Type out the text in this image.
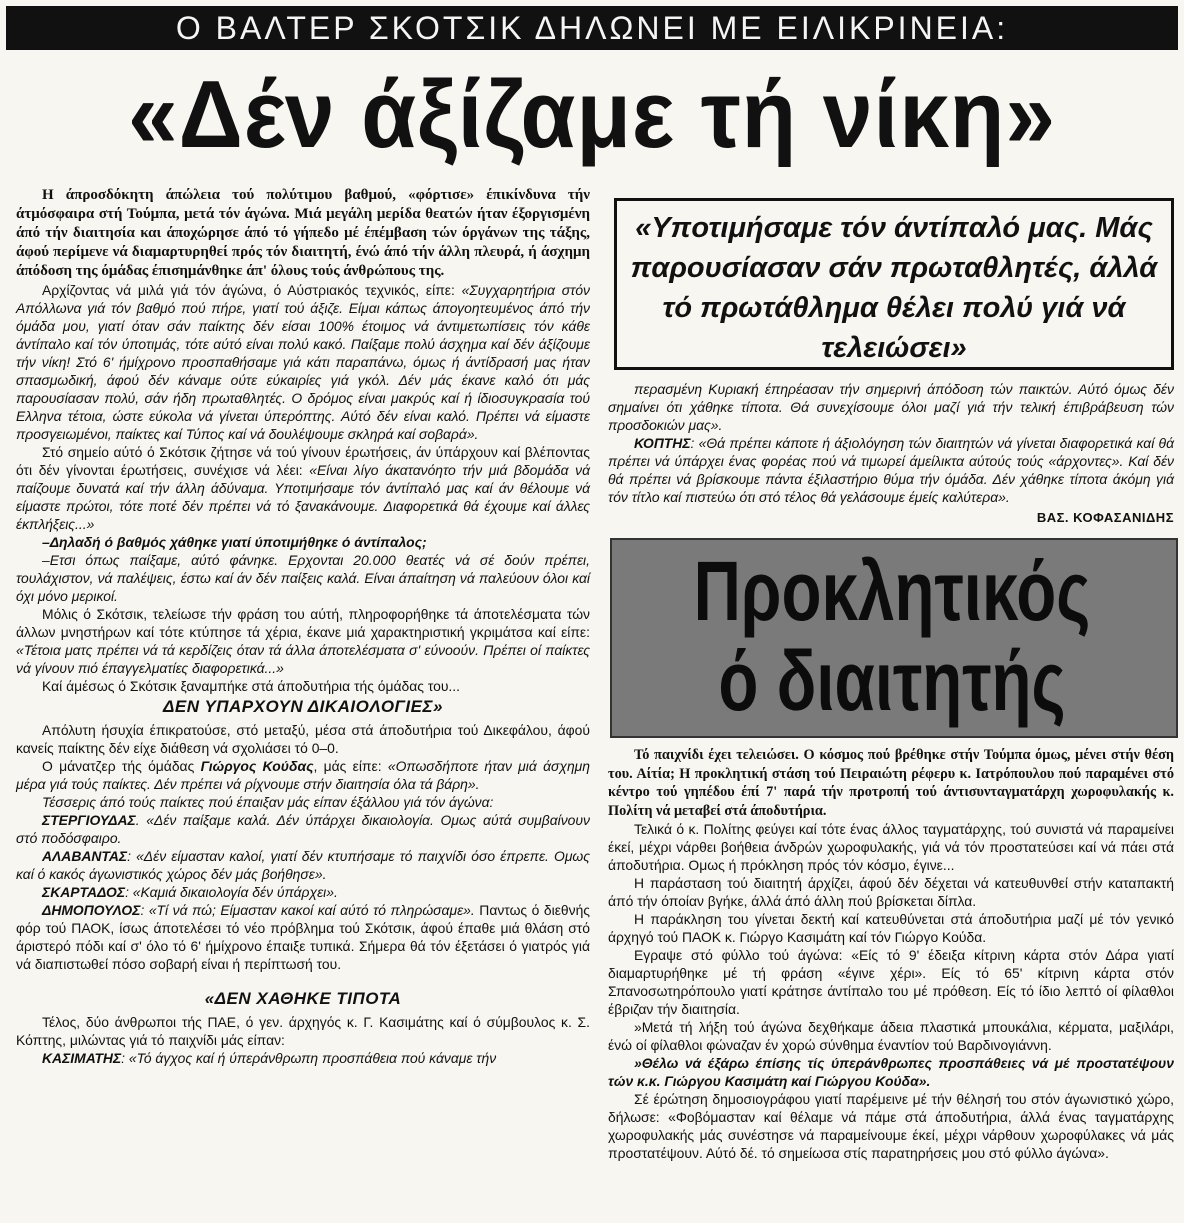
Ο ΒΑΛΤΕΡ ΣΚΟΤΣΙΚ ΔΗΛΩΝΕΙ ΜΕ ΕΙΛΙΚΡΙΝΕΙΑ:
«Δέν άξίζαμε τή νίκη»

Η άπροσδόκητη άπώλεια τού πολύτιμου βαθμού, «φόρτισε» έπικίνδυνα τήν άτμόσφαιρα στή Τούμπα, μετά τόν άγώνα. Μιά μεγάλη μερίδα θεατών ήταν έξοργισμένη άπό τήν διαιτησία και άποχώρησε άπό τό γήπεδο μέ έπέμβαση τών όργάνων της τάξης, άφού περίμενε νά διαμαρτυρηθεί πρός τόν διαιτητή, ένώ άπό τήν άλλη πλευρά, ή άσχημη άπόδοση της όμάδας έπισημάνθηκε άπ' όλους τούς άνθρώπους της.

Αρχίζοντας νά μιλά γιά τόν άγώνα, ό Αύστριακός τεχνικός, είπε: «Συγχαρητήρια στόν Απόλλωνα γιά τόν βαθμό πού πήρε, γιατί τού άξιζε. Είμαι κάπως άπογοητευμένος άπό τήν όμάδα μου, γιατί όταν σάν παίκτης δέν είσαι 100% έτοιμος νά άντιμετωπίσεις τόν κάθε άντίπαλο καί τόν ύποτιμάς, τότε αύτό είναι πολύ κακό. Παίξαμε πολύ άσχημα καί δέν άξίζουμε τήν νίκη! Στό 6' ήμίχρονο προσπαθήσαμε γιά κάτι παραπάνω, όμως ή άντίδρασή μας ήταν σπασμωδική, άφού δέν κάναμε ούτε εύκαιρίες γιά γκόλ. Δέν μάς έκανε καλό ότι μάς παρουσίασαν πολύ, σάν ήδη πρωταθλητές. Ο δρόμος είναι μακρύς καί ή ίδιοσυγκρασία τού Ελληνα τέτοια, ώστε εύκολα νά γίνεται ύπερόπτης. Αύτό δέν είναι καλό. Πρέπει νά είμαστε προσγειωμένοι, παίκτες καί Τύπος καί νά δουλέψουμε σκληρά καί σοβαρά».

Στό σημείο αύτό ό Σκότσικ ζήτησε νά τού γίνουν έρωτήσεις, άν ύπάρχουν καί βλέποντας ότι δέν γίνονται έρωτήσεις, συνέχισε νά λέει: «Είναι λίγο άκατανόητο τήν μιά βδομάδα νά παίζουμε δυνατά καί τήν άλλη άδύναμα. Υποτιμήσαμε τόν άντίπαλό μας καί άν θέλουμε νά είμαστε πρώτοι, τότε ποτέ δέν πρέπει νά τό ξανακάνουμε. Διαφορετικά θά έχουμε καί άλλες έκπλήξεις...»

–Δηλαδή ό βαθμός χάθηκε γιατί ύποτιμήθηκε ό άντίπαλος;

–Ετσι όπως παίξαμε, αύτό φάνηκε. Ερχονται 20.000 θεατές νά σέ δούν πρέπει, τουλάχιστον, νά παλέψεις, έστω καί άν δέν παίξεις καλά. Είναι άπαίτηση νά παλεύουν όλοι καί όχι μόνο μερικοί.

Μόλις ό Σκότσικ, τελείωσε τήν φράση του αύτή, πληροφορήθηκε τά άποτελέσματα τών άλλων μνηστήρων καί τότε κτύπησε τά χέρια, έκανε μιά χαρακτηριστική γκριμάτσα καί είπε: «Τέτοια ματς πρέπει νά τά κερδίζεις όταν τά άλλα άποτελέσματα σ' εύνοούν. Πρέπει οί παίκτες νά γίνουν πιό έπαγγελματίες διαφορετικά...»

Καί άμέσως ό Σκότσικ ξαναμπήκε στά άποδυτήρια τής όμάδας του...

ΔΕΝ ΥΠΑΡΧΟΥΝ ΔΙΚΑΙΟΛΟΓΙΕΣ»

Απόλυτη ήσυχία έπικρατούσε, στό μεταξύ, μέσα στά άποδυτήρια τού Δικεφάλου, άφού κανείς παίκτης δέν είχε διάθεση νά σχολιάσει τό 0–0.

Ο μάνατζερ τής όμάδας Γιώργος Κούδας, μάς είπε: «Οπωσδήποτε ήταν μιά άσχημη μέρα γιά τούς παίκτες. Δέν πρέπει νά ρίχνουμε στήν διαιτησία όλα τά βάρη».

Τέσσερις άπό τούς παίκτες πού έπαιξαν μάς είπαν έξάλλου γιά τόν άγώνα:

ΣΤΕΡΓΙΟΥΔΑΣ. «Δέν παίξαμε καλά. Δέν ύπάρχει δικαιολογία. Ομως αύτά συμβαίνουν στό ποδόσφαιρο.

ΑΛΑΒΑΝΤΑΣ: «Δέν είμασταν καλοί, γιατί δέν κτυπήσαμε τό παιχνίδι όσο έπρεπε. Ομως καί ό κακός άγωνιστικός χώρος δέν μάς βοήθησε».

ΣΚΑΡΤΑΔΟΣ: «Καμιά δικαιολογία δέν ύπάρχει».

ΔΗΜΟΠΟΥΛΟΣ: «Τί νά πώ; Είμασταν κακοί καί αύτό τό πληρώσαμε». Παντως ό διεθνής φόρ τού ΠΑΟΚ, ίσως άποτελέσει τό νέο πρόβλημα τού Σκότσικ, άφού έπαθε μιά θλάση στό άριστερό πόδι καί σ' όλο τό 6' ήμίχρονο έπαιξε τυπικά. Σήμερα θά τόν έξετάσει ό γιατρός γιά νά διαπιστωθεί πόσο σοβαρή είναι ή περίπτωσή του.

«ΔΕΝ ΧΑΘΗΚΕ ΤΙΠΟΤΑ

Τέλος, δύο άνθρωποι τής ΠΑΕ, ό γεν. άρχηγός κ. Γ. Κασιμάτης καί ό σύμβουλος κ. Σ. Κόπτης, μιλώντας γιά τό παιχνίδι μάς είπαν:

ΚΑΣΙΜΑΤΗΣ: «Τό άγχος καί ή ύπεράνθρωπη προσπάθεια πού κάναμε τήν

«Υποτιμήσαμε τόν άντίπαλό μας. Μάς παρουσίασαν σάν πρωταθλητές, άλλά τό πρωτάθλημα θέλει πολύ γιά νά τελειώσει»

περασμένη Κυριακή έπηρέασαν τήν σημερινή άπόδοση τών παικτών. Αύτό όμως δέν σημαίνει ότι χάθηκε τίποτα. Θά συνεχίσουμε όλοι μαζί γιά τήν τελική έπιβράβευση τών προσδοκιών μας».

ΚΟΠΤΗΣ: «Θά πρέπει κάποτε ή άξιολόγηση τών διαιτητών νά γίνεται διαφορετικά καί θά πρέπει νά ύπάρχει ένας φορέας πού νά τιμωρεί άμείλικτα αύτούς τούς «άρχοντες». Καί δέν θά πρέπει νά βρίσκουμε πάντα έξιλαστήριο θύμα τήν όμάδα. Δέν χάθηκε τίποτα άκόμη γιά τόν τίτλο καί πιστεύω ότι στό τέλος θά γελάσουμε έμείς καλύτερα».

ΒΑΣ. ΚΟΦΑΣΑΝΙΔΗΣ
Προκλητικός
ό διαιτητής

Τό παιχνίδι έχει τελειώσει. Ο κόσμος πού βρέθηκε στήν Τούμπα όμως, μένει στήν θέση του. Αίτία; Η προκλητική στάση τού Πειραιώτη ρέφερυ κ. Ιατρόπουλου πού παραμένει στό κέντρο τού γηπέδου έπί 7' παρά τήν προτροπή τού άντισυνταγματάρχη χωροφυλακής κ. Πολίτη νά μεταβεί στά άποδυτήρια.

Τελικά ό κ. Πολίτης φεύγει καί τότε ένας άλλος ταγματάρχης, τού συνιστά νά παραμείνει έκεί, μέχρι νάρθει βοήθεια άνδρών χωροφυλακής, γιά νά τόν προστατεύσει καί νά πάει στά άποδυτήρια. Ομως ή πρόκληση πρός τόν κόσμο, έγινε...

Η παράσταση τού διαιτητή άρχίζει, άφού δέν δέχεται νά κατευθυνθεί στήν καταπακτή άπό τήν όποίαν βγήκε, άλλά άπό άλλη πού βρίσκεται δίπλα.

Η παράκληση του γίνεται δεκτή καί κατευθύνεται στά άποδυτήρια μαζί μέ τόν γενικό άρχηγό τού ΠΑΟΚ κ. Γιώργο Κασιμάτη καί τόν Γιώργο Κούδα.

Εγραψε στό φύλλο τού άγώνα: «Είς τό 9' έδειξα κίτρινη κάρτα στόν Δάρα γιατί διαμαρτυρήθηκε μέ τή φράση «έγινε χέρι». Είς τό 65' κίτρινη κάρτα στόν Σπανοσωτηρόπουλο γιατί κράτησε άντίπαλο του μέ πρόθεση. Είς τό ίδιο λεπτό οί φίλαθλοι έβριζαν τήν διαιτησία.

»Μετά τή λήξη τού άγώνα δεχθήκαμε άδεια πλαστικά μπουκάλια, κέρματα, μαξιλάρι, ένώ οί φίλαθλοι φώναζαν έν χορώ σύνθημα έναντίον τού Βαρδινογιάννη.

»Θέλω νά έξάρω έπίσης τίς ύπεράνθρωπες προσπάθειες νά μέ προστατέψουν τών κ.κ. Γιώργου Κασιμάτη καί Γιώργου Κούδα».

Σέ έρώτηση δημοσιογράφου γιατί παρέμεινε μέ τήν θέλησή του στόν άγωνιστικό χώρο, δήλωσε: «Φοβόμασταν καί θέλαμε νά πάμε στά άποδυτήρια, άλλά ένας ταγματάρχης χωροφυλακής μάς συνέστησε νά παραμείνουμε έκεί, μέχρι νάρθουν χωροφύλακες νά μάς προστατέψουν. Αύτό δέ. τό σημείωσα στίς παρατηρήσεις μου στό φύλλο άγώνα».
